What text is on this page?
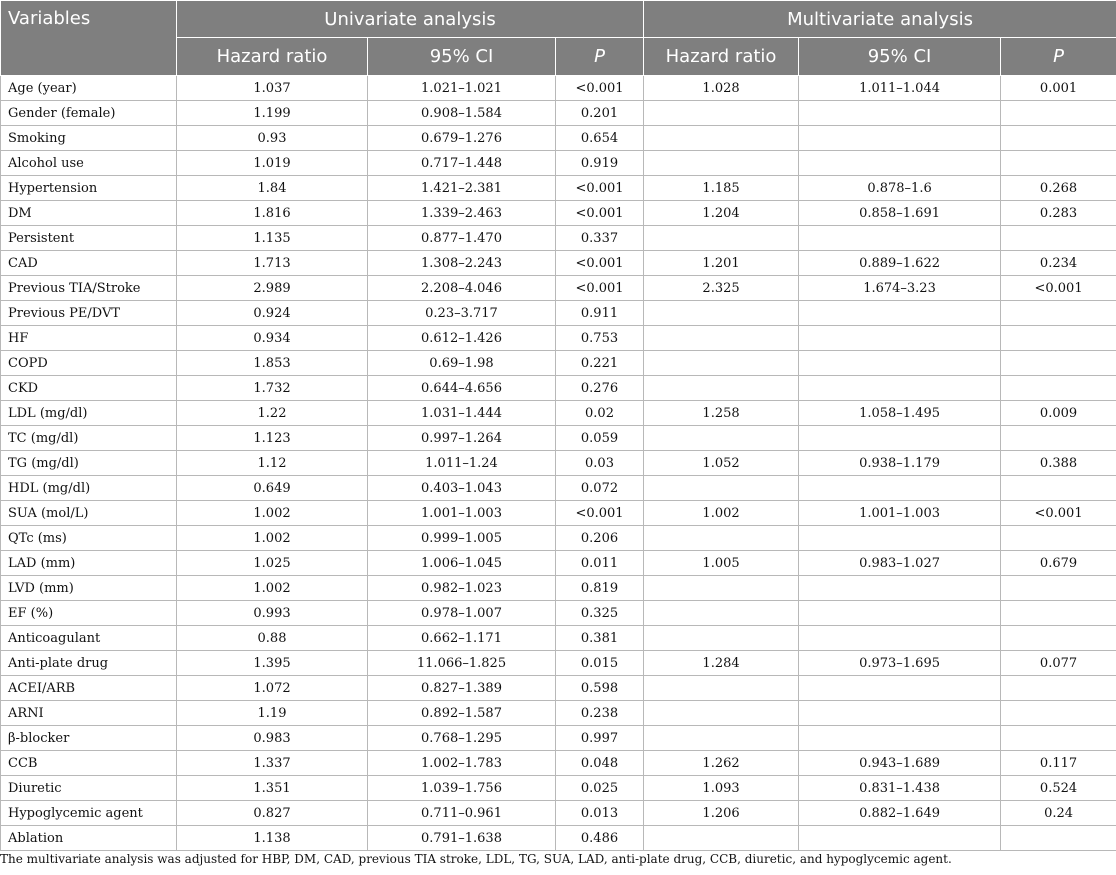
Variables	Univariate analysis			Multivariate analysis		
	Hazard ratio	95% CI	P	Hazard ratio	95% CI	P
Age (year)	1.037	1.021–1.021	<0.001	1.028	1.011–1.044	0.001
Gender (female)	1.199	0.908–1.584	0.201			
Smoking	0.93	0.679–1.276	0.654			
Alcohol use	1.019	0.717–1.448	0.919			
Hypertension	1.84	1.421–2.381	<0.001	1.185	0.878–1.6	0.268
DM	1.816	1.339–2.463	<0.001	1.204	0.858–1.691	0.283
Persistent	1.135	0.877–1.470	0.337			
CAD	1.713	1.308–2.243	<0.001	1.201	0.889–1.622	0.234
Previous TIA/Stroke	2.989	2.208–4.046	<0.001	2.325	1.674–3.23	<0.001
Previous PE/DVT	0.924	0.23–3.717	0.911			
HF	0.934	0.612–1.426	0.753			
COPD	1.853	0.69–1.98	0.221			
CKD	1.732	0.644–4.656	0.276			
LDL (mg/dl)	1.22	1.031–1.444	0.02	1.258	1.058–1.495	0.009
TC (mg/dl)	1.123	0.997–1.264	0.059			
TG (mg/dl)	1.12	1.011–1.24	0.03	1.052	0.938–1.179	0.388
HDL (mg/dl)	0.649	0.403–1.043	0.072			
SUA (mol/L)	1.002	1.001–1.003	<0.001	1.002	1.001–1.003	<0.001
QTc (ms)	1.002	0.999–1.005	0.206			
LAD (mm)	1.025	1.006–1.045	0.011	1.005	0.983–1.027	0.679
LVD (mm)	1.002	0.982–1.023	0.819			
EF (%)	0.993	0.978–1.007	0.325			
Anticoagulant	0.88	0.662–1.171	0.381			
Anti-plate drug	1.395	11.066–1.825	0.015	1.284	0.973–1.695	0.077
ACEI/ARB	1.072	0.827–1.389	0.598			
ARNI	1.19	0.892–1.587	0.238			
β-blocker	0.983	0.768–1.295	0.997			
CCB	1.337	1.002–1.783	0.048	1.262	0.943–1.689	0.117
Diuretic	1.351	1.039–1.756	0.025	1.093	0.831–1.438	0.524
Hypoglycemic agent	0.827	0.711–0.961	0.013	1.206	0.882–1.649	0.24
Ablation	1.138	0.791–1.638	0.486			
The multivariate analysis was adjusted for HBP, DM, CAD, previous TIA stroke, LDL, TG, SUA, LAD, anti-plate drug, CCB, diuretic, and hypoglycemic agent.
